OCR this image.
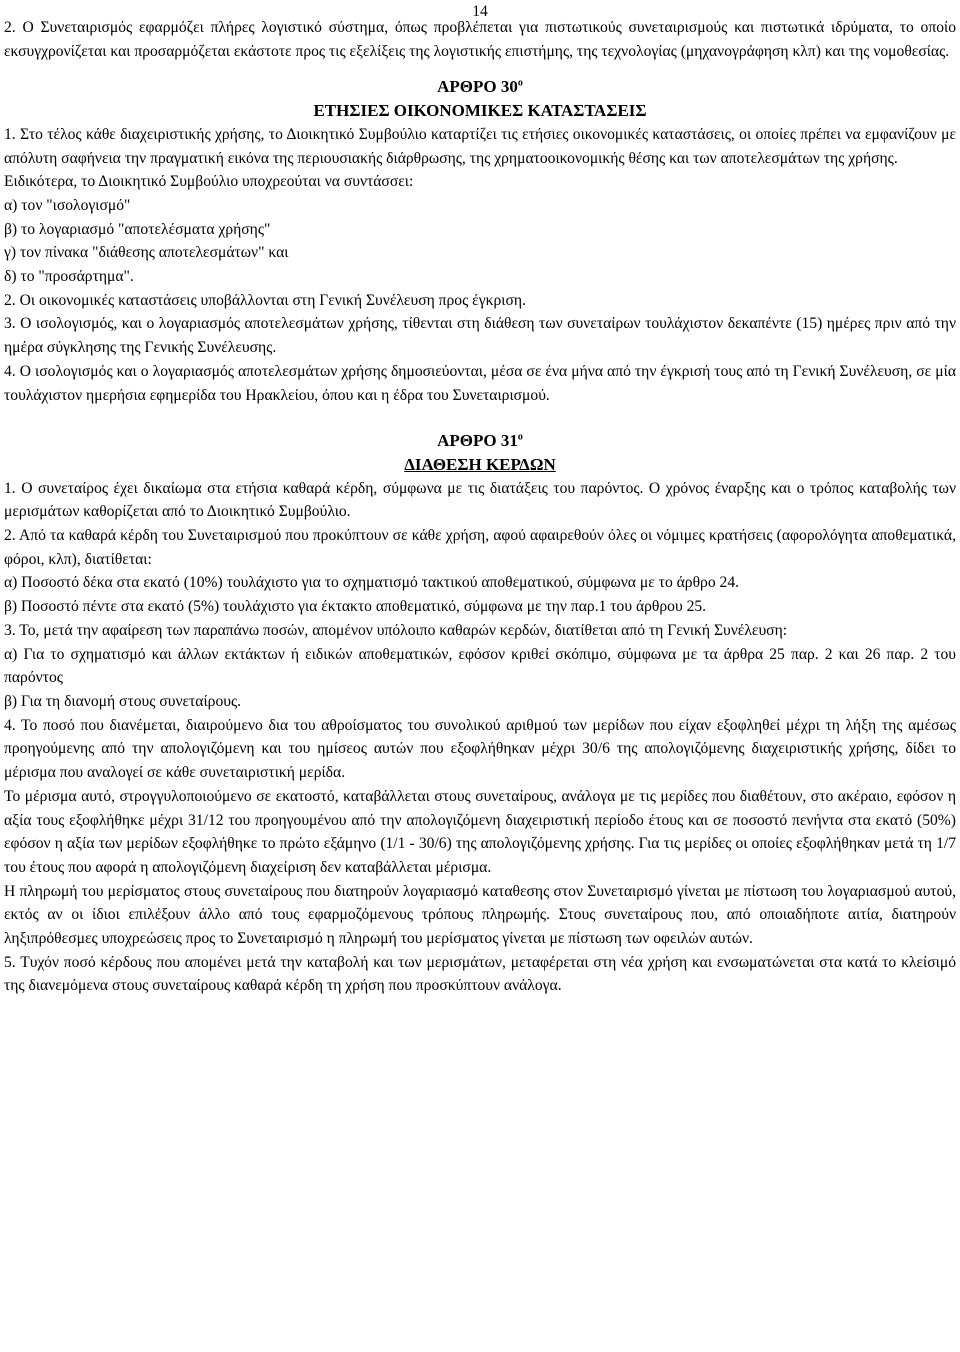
14

2. Ο Συνεταιρισμός εφαρμόζει πλήρες λογιστικό σύστημα, όπως προβλέπεται για πιστωτικούς συνεταιρισμούς και πιστωτικά ιδρύματα, το οποίο εκσυγχρονίζεται και προσαρμόζεται εκάστοτε προς τις εξελίξεις της λογιστικής επιστήμης, της τεχνολογίας (μηχανογράφηση κλπ) και της νομοθεσίας.

ΑΡΘΡΟ $30^o$

ΕΤΗΣΙΕΣ ΟΙΚΟΝΟΜΙΚΕΣ ΚΑΤΑΣΤΑΣΕΙΣ

1. Στο τέλος κάθε διαχειριστικής χρήσης, το Διοικητικό Συμβούλιο καταρτίζει τις ετήσιες οικονομικές καταστάσεις, οι οποίες πρέπει να εμφανίζουν με απόλυτη σαφήνεια την πραγματική εικόνα της περιουσιακής διάρθρωσης, της χρηματοοικονομικής θέσης και των αποτελεσμάτων της χρήσης.

Ειδικότερα, το Διοικητικό Συμβούλιο υποχρεούται να συντάσσει:

α) τον "ισολογισμό"

β) το λογαριασμό "αποτελέσματα χρήσης"

γ) τον πίνακα "διάθεσης αποτελεσμάτων" και

δ) το "προσάρτημα".

2. Οι οικονομικές καταστάσεις υποβάλλονται στη Γενική Συνέλευση προς έγκριση.

3. Ο ισολογισμός, και ο λογαριασμός αποτελεσμάτων χρήσης, τίθενται στη διάθεση των συνεταίρων τουλάχιστον δεκαπέντε (15) ημέρες πριν από την ημέρα σύγκλησης της Γενικής Συνέλευσης.

4. Ο ισολογισμός και ο λογαριασμός αποτελεσμάτων χρήσης δημοσιεύονται, μέσα σε ένα μήνα από την έγκρισή τους από τη Γενική Συνέλευση, σε μία τουλάχιστον ημερήσια εφημερίδα του Ηρακλείου, όπου και η έδρα του Συνεταιρισμού.

ΑΡΘΡΟ $31^o$

ΔΙΑΘΕΣΗ ΚΕΡΔΩΝ

1. Ο συνεταίρος έχει δικαίωμα στα ετήσια καθαρά κέρδη, σύμφωνα με τις διατάξεις του παρόντος. Ο χρόνος έναρξης και ο τρόπος καταβολής των μερισμάτων καθορίζεται από το Διοικητικό Συμβούλιο.

2. Από τα καθαρά κέρδη του Συνεταιρισμού που προκύπτουν σε κάθε χρήση, αφού αφαιρεθούν όλες οι νόμιμες κρατήσεις (αφορολόγητα αποθεματικά, φόροι, κλπ), διατίθεται:

α) Ποσοστό δέκα στα εκατό (10%) τουλάχιστο για το σχηματισμό τακτικού αποθεματικού, σύμφωνα με το άρθρο 24.

β) Ποσοστό πέντε στα εκατό (5%) τουλάχιστο για έκτακτο αποθεματικό, σύμφωνα με την παρ.1 του άρθρου 25.

3. Το, μετά την αφαίρεση των παραπάνω ποσών, απομένον υπόλοιπο καθαρών κερδών, διατίθεται από τη Γενική Συνέλευση:

α) Για το σχηματισμό και άλλων εκτάκτων ή ειδικών αποθεματικών, εφόσον κριθεί σκόπιμο, σύμφωνα με τα άρθρα 25 παρ. 2 και 26 παρ. 2 του παρόντος

β) Για τη διανομή στους συνεταίρους.

4. Το ποσό που διανέμεται, διαιρούμενο δια του αθροίσματος του συνολικού αριθμού των μερίδων που είχαν εξοφληθεί μέχρι τη λήξη της αμέσως προηγούμενης από την απολογιζόμενη και του ημίσεος αυτών που εξοφλήθηκαν μέχρι 30/6 της απολογιζόμενης διαχειριστικής χρήσης, δίδει το μέρισμα που αναλογεί σε κάθε συνεταιριστική μερίδα.

Το μέρισμα αυτό, στρογγυλοποιούμενο σε εκατοστό, καταβάλλεται στους συνεταίρους, ανάλογα με τις μερίδες που διαθέτουν, στο ακέραιο, εφόσον η αξία τους εξοφλήθηκε μέχρι 31/12 του προηγουμένου από την απολογιζόμενη διαχειριστική περίοδο έτους και σε ποσοστό πενήντα στα εκατό (50%) εφόσον η αξία των μερίδων εξοφλήθηκε το πρώτο εξάμηνο (1/1 - 30/6) της απολογιζόμενης χρήσης. Για τις μερίδες οι οποίες εξοφλήθηκαν μετά τη 1/7 του έτους που αφορά η απολογιζόμενη διαχείριση δεν καταβάλλεται μέρισμα.

Η πληρωμή του μερίσματος στους συνεταίρους που διατηρούν λογαριασμό καταθεσης στον Συνεταιρισμό γίνεται με πίστωση του λογαριασμού αυτού, εκτός αν οι ίδιοι επιλέξουν άλλο από τους εφαρμοζόμενους τρόπους πληρωμής. Στους συνεταίρους που, από οποιαδήποτε αιτία, διατηρούν ληξιπρόθεσμες υποχρεώσεις προς το Συνεταιρισμό η πληρωμή του μερίσματος γίνεται με πίστωση των οφειλών αυτών.

5. Τυχόν ποσό κέρδους που απομένει μετά την καταβολή και των μερισμάτων, μεταφέρεται στη νέα χρήση και ενσωματώνεται στα κατά το κλείσιμό της διανεμόμενα στους συνεταίρους καθαρά κέρδη τη χρήση που προσκύπτουν ανάλογα.
